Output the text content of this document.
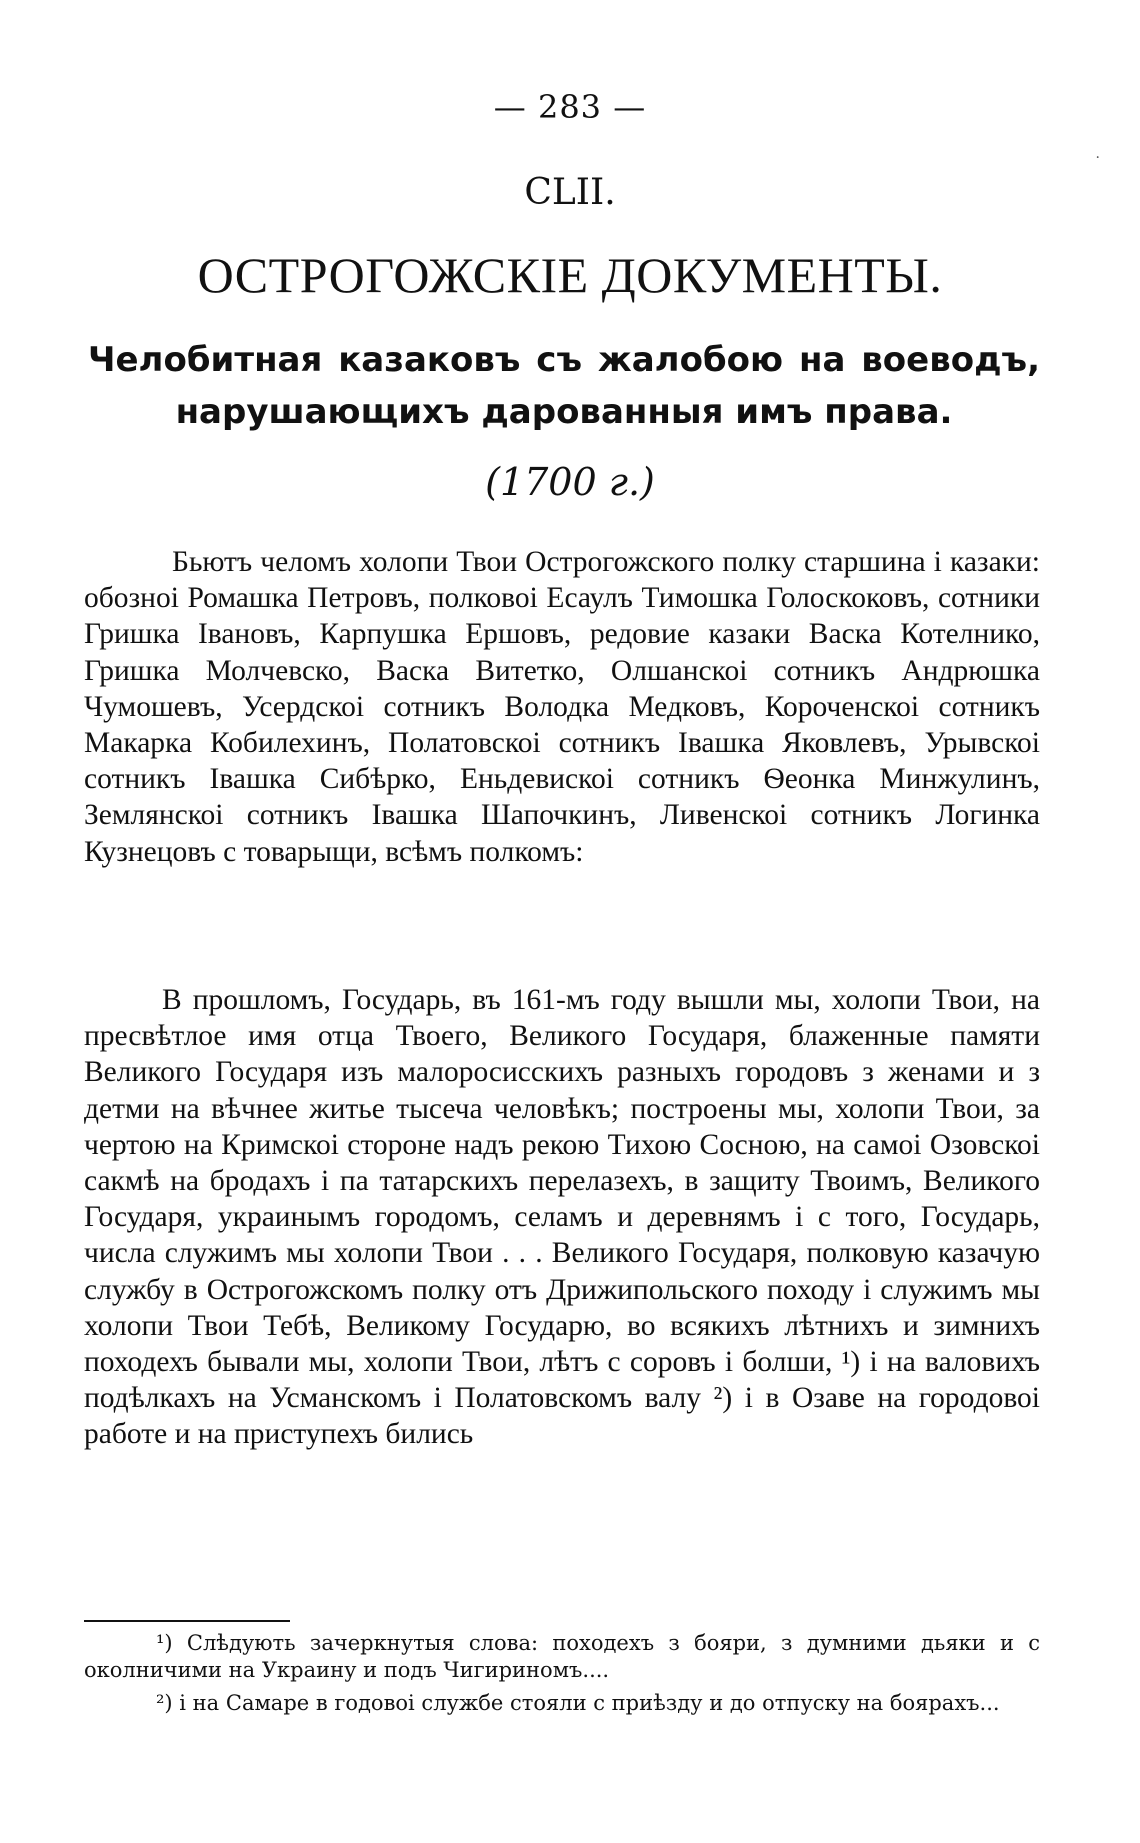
·
— 283 —
CLII.
ОСТРОГОЖСКІЕ ДОКУМЕНТЫ.
Челобитная казаковъ съ жалобою на воеводъ, нарушающихъ дарованныя имъ права.
(1700 г.)

Бьютъ челомъ холопи Твои Острогожского полку старшина і казаки: обозноі Ромашка Петровъ, полковоі Есаулъ Тимошка Голоскоковъ, сотники Гришка Івановъ, Карпушка Ершовъ, редовие казаки Васка Котелнико, Гришка Молчевско, Васка Витетко, Олшанскоі сотникъ Андрюшка Чумошевъ, Усердскоі сотникъ Володка Медковъ, Короченскоі сотникъ Макарка Кобилехинъ, Полатовскоі сотникъ Івашка Яковлевъ, Урывскоі сотникъ Івашка Сибѣрко, Еньдевискоі сотникъ Ѳеонка Минжулинъ, Землянскоі сотникъ Івашка Шапочкинъ, Ливенскоі сотникъ Логинка Кузнецовъ с товарыщи, всѣмъ полкомъ:

В прошломъ, Государь, въ 161-мъ году вышли мы, холопи Твои, на пресвѣтлое имя отца Твоего, Великого Государя, блаженные памяти Великого Государя изъ малоросисскихъ разныхъ городовъ з женами и з детми на вѣчнее житье тысеча человѣкъ; построены мы, холопи Твои, за чертою на Кримскоі стороне надъ рекою Тихою Сосною, на самоі Озовскоі сакмѣ на бродахъ і па татарскихъ перелазехъ, в защиту Твоимъ, Великого Государя, украинымъ городомъ, селамъ и деревнямъ і с того, Государь, числа служимъ мы холопи Твои . . . Великого Государя, полковую казачую службу в Острогожскомъ полку отъ Дрижипольского походу і служимъ мы холопи Твои Тебѣ, Великому Государю, во всякихъ лѣтнихъ и зимнихъ походехъ бывали мы, холопи Твои, лѣтъ с соровъ і болши, ¹) і на валовихъ подѣлкахъ на Усманскомъ і Полатовскомъ валу ²) і в Озаве на городовоі работе и на приступехъ бились

¹) Слѣдують зачеркнутыя слова: походехъ з бояри, з думними дьяки и с околничими на Украину и подъ Чигириномъ....

²) і на Самаре в годовоі службе стояли с приѣзду и до отпуску на боярахъ...
